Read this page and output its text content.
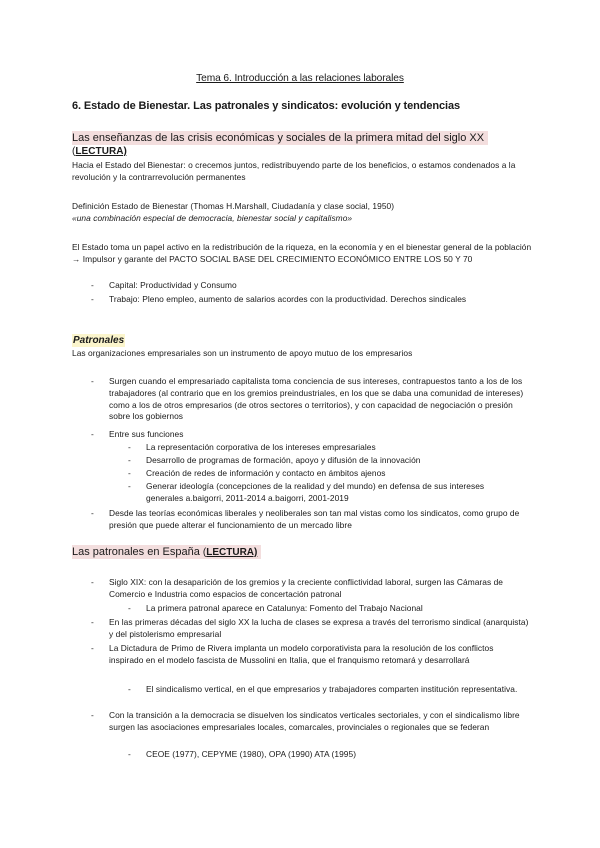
Tema 6. Introducción a las relaciones laborales
6. Estado de Bienestar. Las patronales y sindicatos: evolución y tendencias
Las enseñanzas de las crisis económicas y sociales de la primera mitad del siglo XX
(LECTURA)
Hacia el Estado del Bienestar: o crecemos juntos, redistribuyendo parte de los beneficios, o estamos condenados a la revolución y la contrarrevolución permanentes
Definición Estado de Bienestar (Thomas H.Marshall, Ciudadanía y clase social, 1950)
«una combinación especial de democracia, bienestar social y capitalismo»
El Estado toma un papel activo en la redistribución de la riqueza, en la economía y en el bienestar general de la población → Impulsor y garante del PACTO SOCIAL BASE DEL CRECIMIENTO ECONÓMICO ENTRE LOS 50 Y 70
- Capital: Productividad y Consumo
- Trabajo: Pleno empleo, aumento de salarios acordes con la productividad. Derechos sindicales
Patronales
Las organizaciones empresariales son un instrumento de apoyo mutuo de los empresarios
- Surgen cuando el empresariado capitalista toma conciencia de sus intereses, contrapuestos tanto a los de los trabajadores (al contrario que en los gremios preindustriales, en los que se daba una comunidad de intereses) como a los de otros empresarios (de otros sectores o territorios), y con capacidad de negociación o presión sobre los gobiernos
- Entre sus funciones
- La representación corporativa de los intereses empresariales
- Desarrollo de programas de formación, apoyo y difusión de la innovación
- Creación de redes de información y contacto en ámbitos ajenos
- Generar ideología (concepciones de la realidad y del mundo) en defensa de sus intereses generales a.baigorri, 2011-2014 a.baigorri, 2001-2019
- Desde las teorías económicas liberales y neoliberales son tan mal vistas como los sindicatos, como grupo de presión que puede alterar el funcionamiento de un mercado libre
Las patronales en España (LECTURA)
- Siglo XIX: con la desaparición de los gremios y la creciente conflictividad laboral, surgen las Cámaras de Comercio e Industria como espacios de concertación patronal
- La primera patronal aparece en Catalunya: Fomento del Trabajo Nacional
- En las primeras décadas del siglo XX la lucha de clases se expresa a través del terrorismo sindical (anarquista) y del pistolerismo empresarial
- La Dictadura de Primo de Rivera implanta un modelo corporativista para la resolución de los conflictos inspirado en el modelo fascista de Mussolini en Italia, que el franquismo retomará y desarrollará
- El sindicalismo vertical, en el que empresarios y trabajadores comparten institución representativa.
- Con la transición a la democracia se disuelven los sindicatos verticales sectoriales, y con el sindicalismo libre surgen las asociaciones empresariales locales, comarcales, provinciales o regionales que se federan
- CEOE (1977), CEPYME (1980), OPA (1990) ATA (1995)
